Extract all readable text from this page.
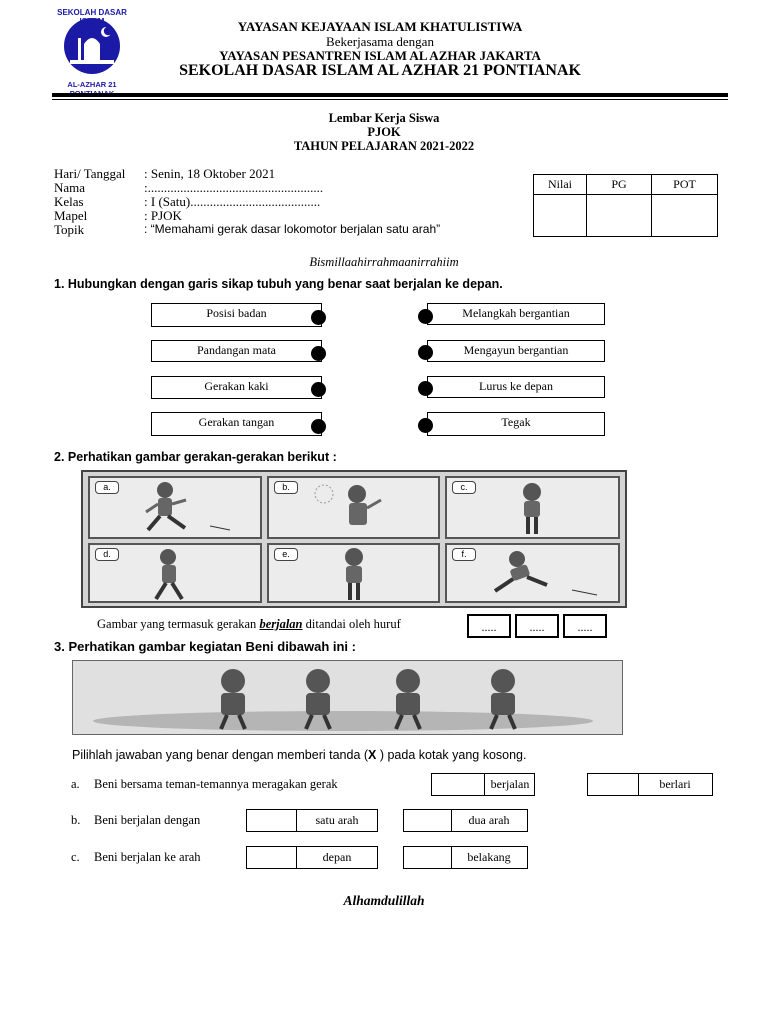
SEKOLAH DASAR ISLAM
AL-AZHAR 21
YAYASAN KEJAYAAN ISLAM KHATULISTIWA
Bekerjasama dengan
YAYASAN PESANTREN ISLAM AL AZHAR JAKARTA
SEKOLAH DASAR ISLAM AL AZHAR 21 PONTIANAK
Lembar Kerja Siswa
PJOK
TAHUN PELAJARAN 2021-2022
Hari/ Tanggal : Senin, 18 Oktober 2021
Nama	:......................................................
Kelas	: I (Satu)........................................
Mapel	: PJOK
Topik	: “Memahami gerak dasar lokomotor berjalan satu arah”
Nilai	PG	POT
Bismillaahirrahmaanirrahiim
1. Hubungkan dengan garis sikap tubuh yang benar saat berjalan ke depan.
Posisi badan
Pandangan mata
Gerakan kaki
Gerakan tangan
Melangkah bergantian
Mengayun bergantian
Lurus ke depan
Tegak
2. Perhatikan gambar gerakan-gerakan berikut :
a.	b.	c.
d.	e.	f.
Gambar yang termasuk gerakan berjalan ditandai oleh huruf	.....	.....	.....
3. Perhatikan gambar kegiatan Beni dibawah ini :
Pilihlah jawaban yang benar dengan memberi tanda (X ) pada kotak yang kosong.
a. Beni bersama teman-temannya meragakan gerak	berjalan	berlari
b. Beni berjalan dengan	satu arah	dua arah
c. Beni berjalan ke arah	depan	belakang
Alhamdulillah
